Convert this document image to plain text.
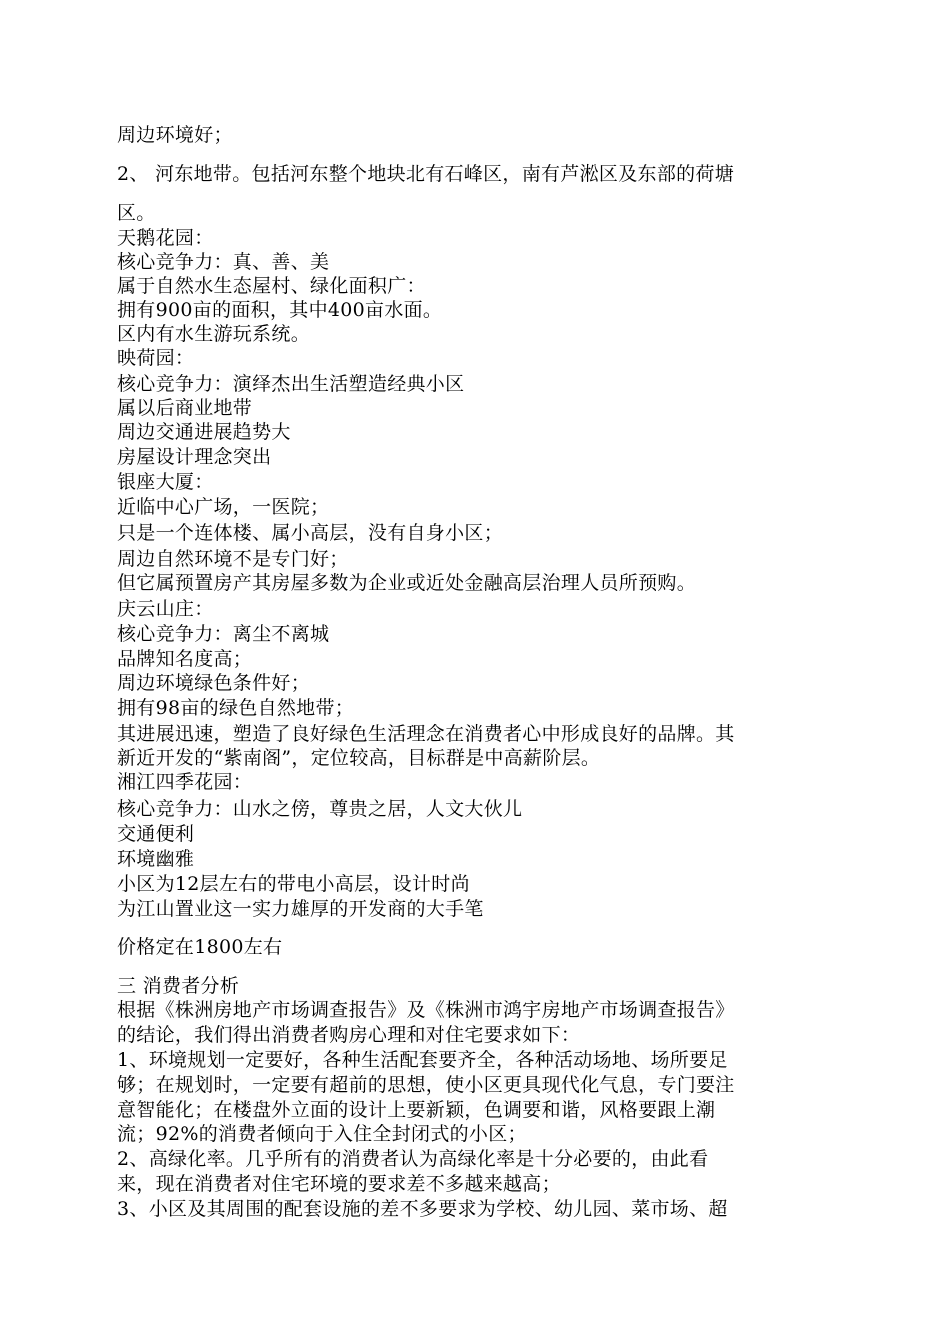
周边环境好；

2、 河东地带。包括河东整个地块北有石峰区，南有芦淞区及东部的荷塘

区。

天鹅花园：

核心竞争力：真、善、美

属于自然水生态屋村、绿化面积广：

拥有900亩的面积，其中400亩水面。

区内有水生游玩系统。

映荷园：

核心竞争力：演绎杰出生活塑造经典小区

属以后商业地带

周边交通进展趋势大

房屋设计理念突出

银座大厦：

近临中心广场，一医院；

只是一个连体楼、属小高层，没有自身小区；

周边自然环境不是专门好；

但它属预置房产其房屋多数为企业或近处金融高层治理人员所预购。

庆云山庄：

核心竞争力：离尘不离城

品牌知名度高；

周边环境绿色条件好；

拥有98亩的绿色自然地带；

其进展迅速，塑造了良好绿色生活理念在消费者心中形成良好的品牌。其

新近开发的“紫南阁”，定位较高，目标群是中高薪阶层。

湘江四季花园：

核心竞争力：山水之傍，尊贵之居，人文大伙儿

交通便利

环境幽雅

小区为12层左右的带电小高层，设计时尚

为江山置业这一实力雄厚的开发商的大手笔

价格定在1800左右

三 消费者分析

根据《株洲房地产市场调查报告》及《株洲市鸿宇房地产市场调查报告》

的结论，我们得出消费者购房心理和对住宅要求如下：

1、环境规划一定要好，各种生活配套要齐全，各种活动场地、场所要足

够；在规划时，一定要有超前的思想，使小区更具现代化气息，专门要注

意智能化；在楼盘外立面的设计上要新颖，色调要和谐，风格要跟上潮

流；92%的消费者倾向于入住全封闭式的小区；

2、高绿化率。几乎所有的消费者认为高绿化率是十分必要的，由此看

来，现在消费者对住宅环境的要求差不多越来越高；

3、小区及其周围的配套设施的差不多要求为学校、幼儿园、菜市场、超
